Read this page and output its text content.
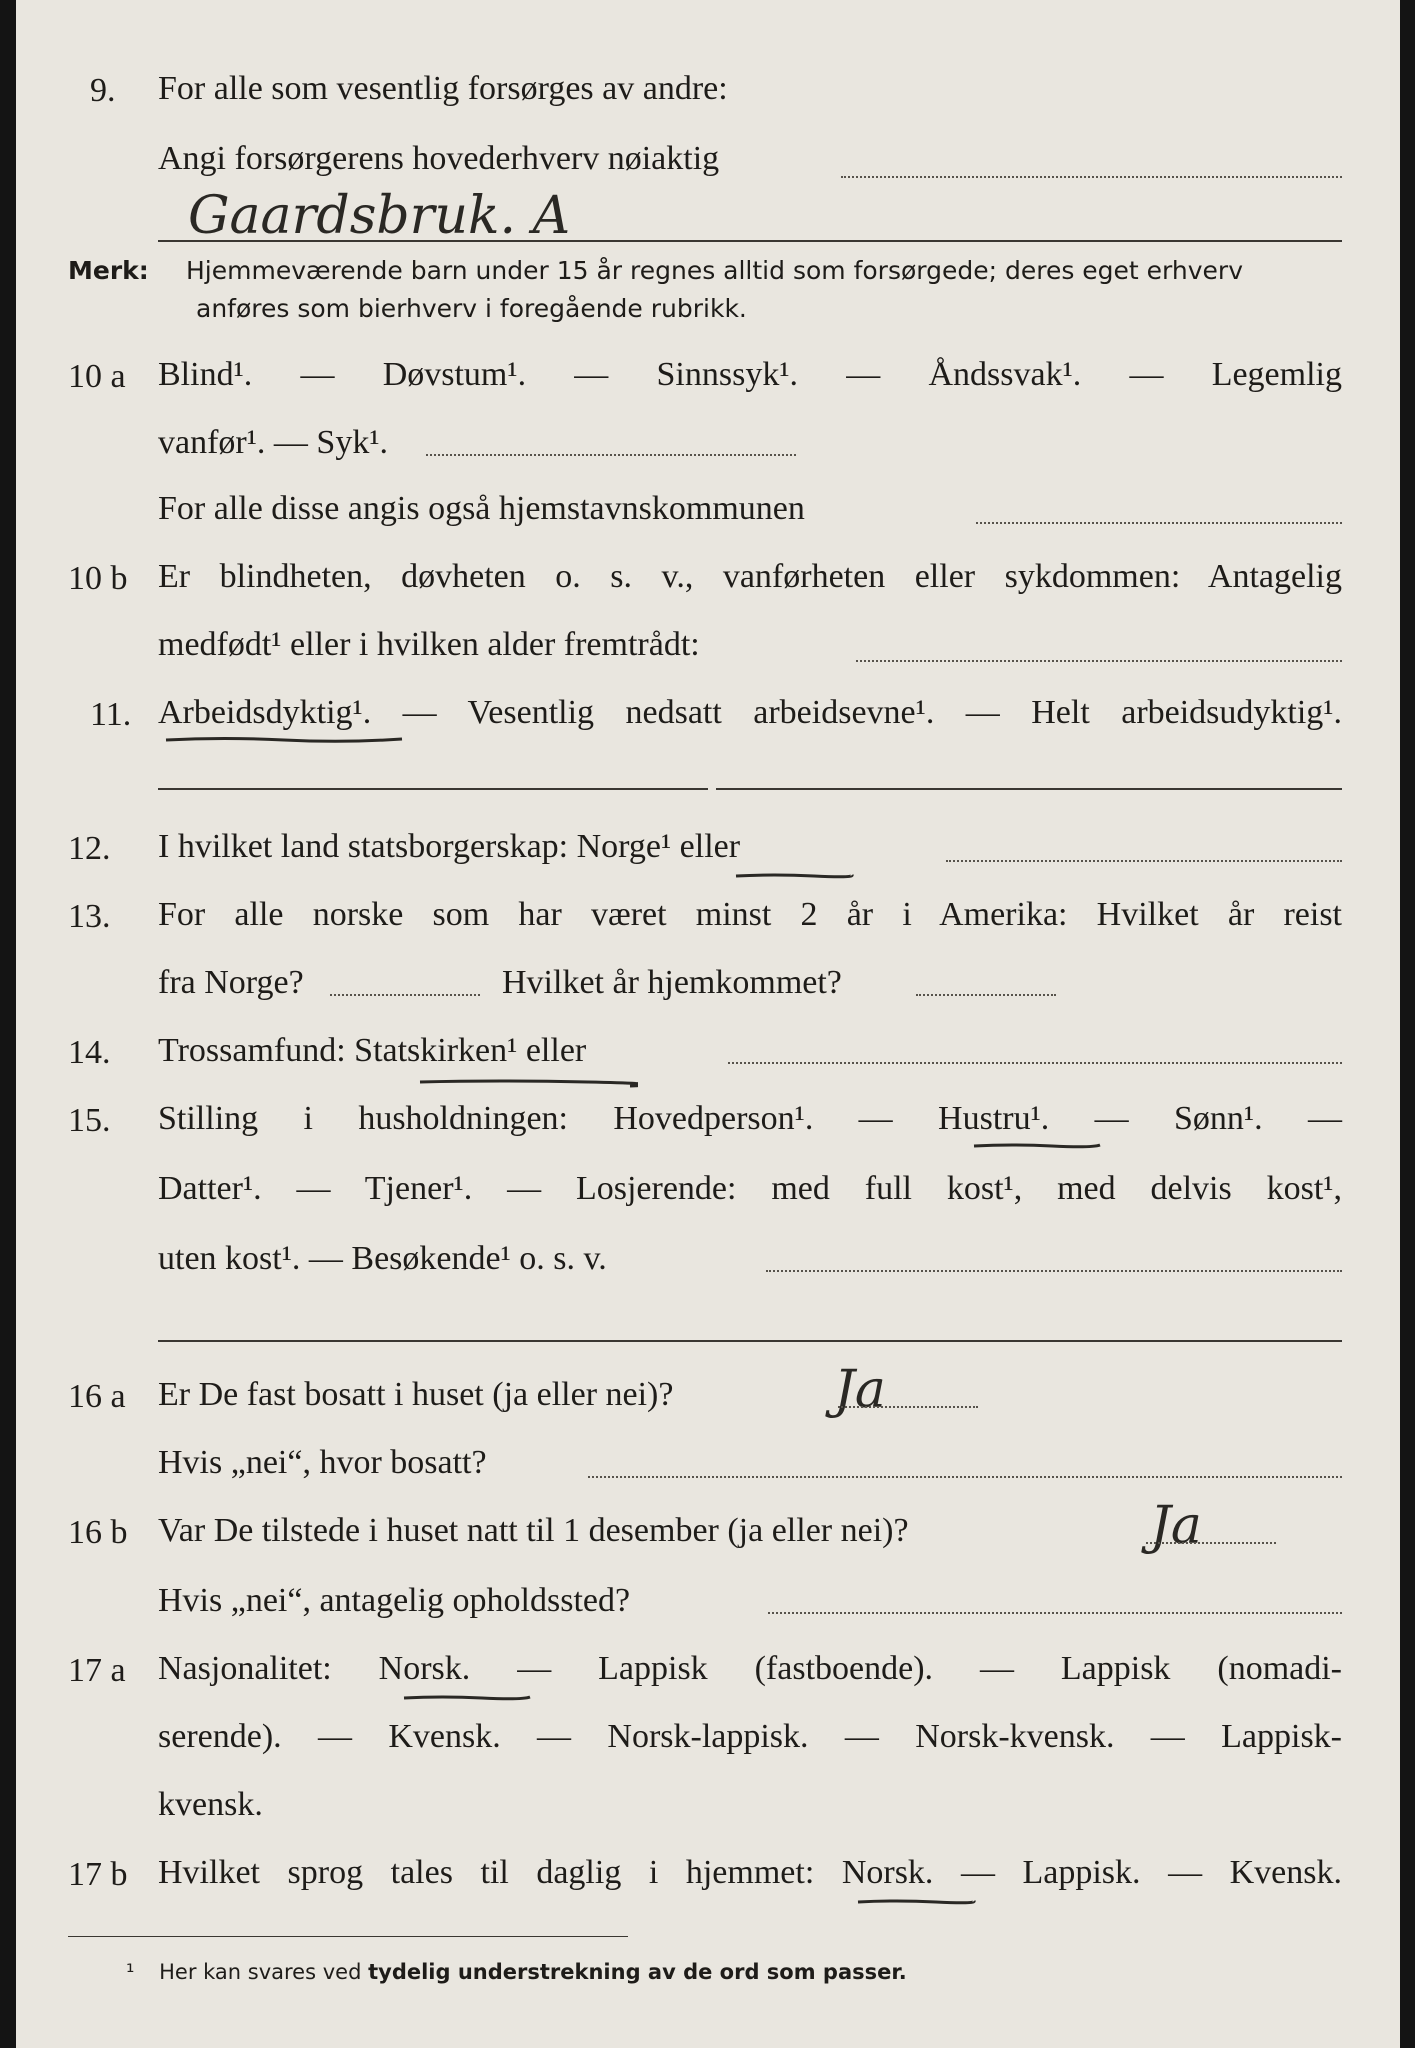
9. For alle som vesentlig forsørges av andre:
Angi forsørgerens hovederhverv nøiaktig
Gaardsbruk. A
Merk: Hjemmeværende barn under 15 år regnes alltid som forsørgede; deres eget erhverv
anføres som bierhverv i foregående rubrikk.
10 a Blind¹. — Døvstum¹. — Sinnssyk¹. — Åndssvak¹. — Legemlig
vanfør¹. — Syk¹.
For alle disse angis også hjemstavnskommunen
10 b Er blindheten, døvheten o. s. v., vanførheten eller sykdommen: Antagelig
medfødt¹ eller i hvilken alder fremtrådt:
11. Arbeidsdyktig¹. — Vesentlig nedsatt arbeidsevne¹. — Helt arbeidsudyktig¹.
12. I hvilket land statsborgerskap: Norge¹ eller
13. For alle norske som har været minst 2 år i Amerika: Hvilket år reist
fra Norge?	Hvilket år hjemkommet?
14. Trossamfund: Statskirken¹ eller
15. Stilling i husholdningen: Hovedperson¹. — Hustru¹. — Sønn¹. —
Datter¹. — Tjener¹. — Losjerende: med full kost¹, med delvis kost¹,
uten kost¹. — Besøkende¹ o. s. v.
16 a Er De fast bosatt i huset (ja eller nei)?	Ja
Hvis „nei“, hvor bosatt?
16 b Var De tilstede i huset natt til 1 desember (ja eller nei)?	Ja
Hvis „nei“, antagelig opholdssted?
17 a Nasjonalitet: Norsk. — Lappisk (fastboende). — Lappisk (nomadi-
serende). — Kvensk. — Norsk-lappisk. — Norsk-kvensk. — Lappisk-
kvensk.
17 b Hvilket sprog tales til daglig i hjemmet: Norsk. — Lappisk. — Kvensk.
¹ Her kan svares ved tydelig understrekning av de ord som passer.
